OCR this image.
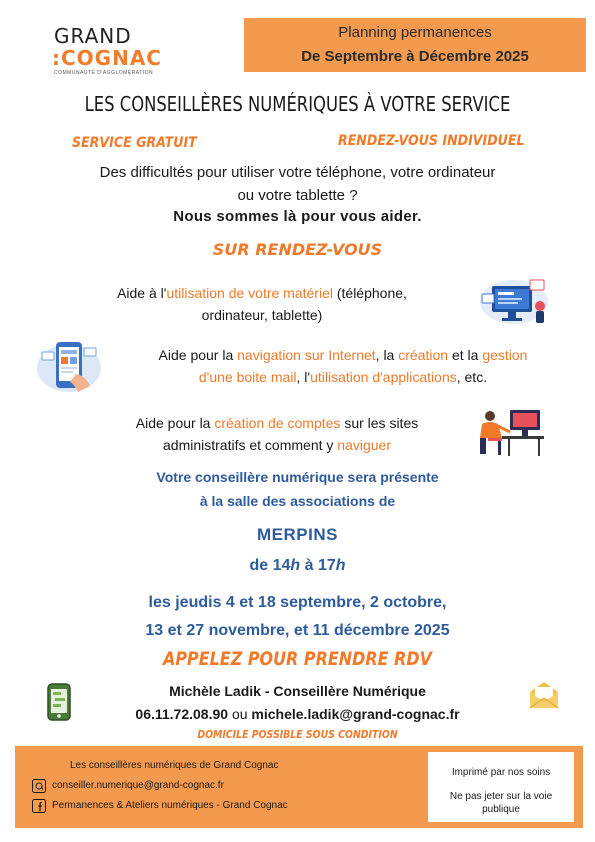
GRAND
:COGNAC
COMMUNAUTÉ D'AGGLOMÉRATION
Planning permanences
De Septembre à Décembre 2025
LES CONSEILLÈRES NUMÉRIQUES À VOTRE SERVICE
SERVICE GRATUIT	RENDEZ-VOUS INDIVIDUEL
Des difficultés pour utiliser votre téléphone, votre ordinateur
ou votre tablette ?
Nous sommes là pour vous aider.
SUR RENDEZ-VOUS
Aide à l'utilisation de votre matériel (téléphone,
ordinateur, tablette)
Aide pour la navigation sur Internet, la création et la gestion
d'une boite mail, l'utilisation d'applications, etc.
Aide pour la création de comptes sur les sites
administratifs et comment y naviguer
Votre conseillère numérique sera présente
à la salle des associations de
MERPINS
de 14h à 17h
les jeudis 4 et 18 septembre, 2 octobre,
13 et 27 novembre, et 11 décembre 2025
APPELEZ POUR PRENDRE RDV
Michèle Ladik - Conseillère Numérique
06.11.72.08.90 ou michele.ladik@grand-cognac.fr
DOMICILE POSSIBLE SOUS CONDITION
Imprimé par nos soins
Ne pas jeter sur la voie
publique
Les conseillères numériques de Grand Cognac
conseiller.numerique@grand-cognac.fr
Permanences & Ateliers numériques - Grand Cognac
